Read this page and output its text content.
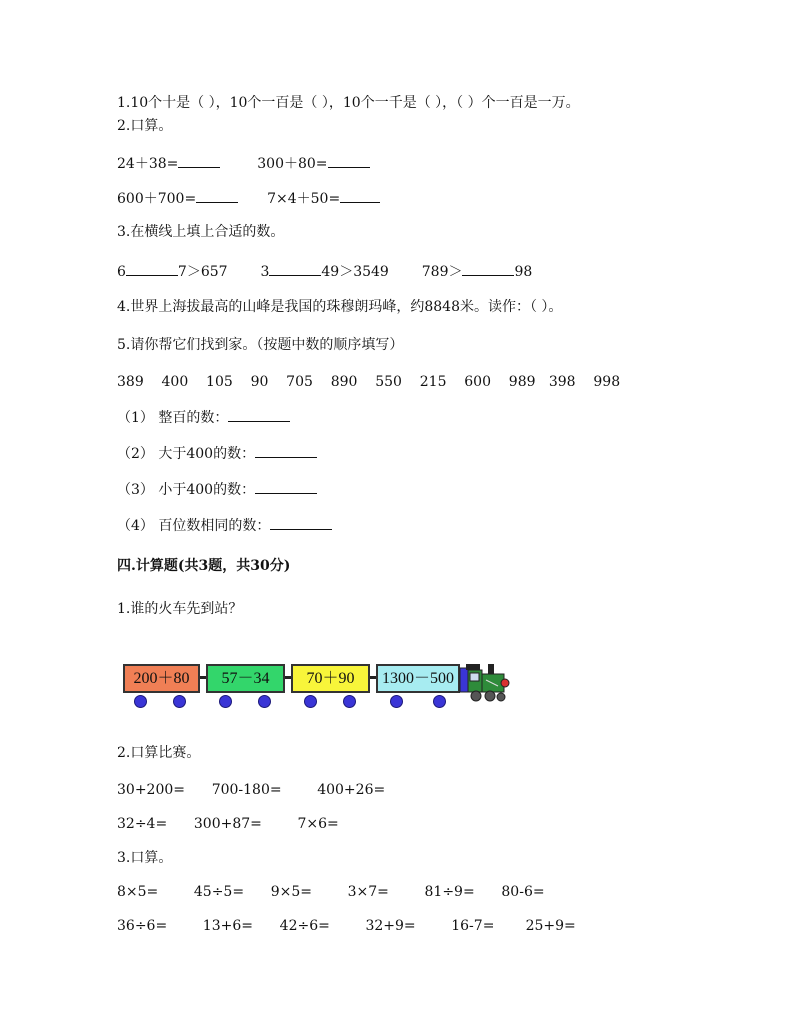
1.10个十是（ ），10个一百是（ ），10个一千是（ ），（ ）个一百是一万。
2.口算。
24＋38=	300＋80=
600＋700=	7×4＋50=
3.在横线上填上合适的数。
6	7＞657 3	49＞3549 789＞	98
4.世界上海拔最高的山峰是我国的珠穆朗玛峰，约8848米。读作：（ ）。
5.请你帮它们找到家。（按题中数的顺序填写）
389    400    105    90    705    890    550    215    600    989   398    998
（1） 整百的数：
（2） 大于400的数：
（3） 小于400的数：
（4） 百位数相同的数：
四.计算题(共3题，共30分)
1.谁的火车先到站？
200＋80	57－34	70＋90	1300－500
2.口算比赛。
30+200=      700-180=        400+26=
32÷4=      300+87=        7×6=
3.口算。
8×5=        45÷5=      9×5=        3×7=        81÷9=      80-6=
36÷6=        13+6=      42÷6=        32+9=        16-7=       25+9=
